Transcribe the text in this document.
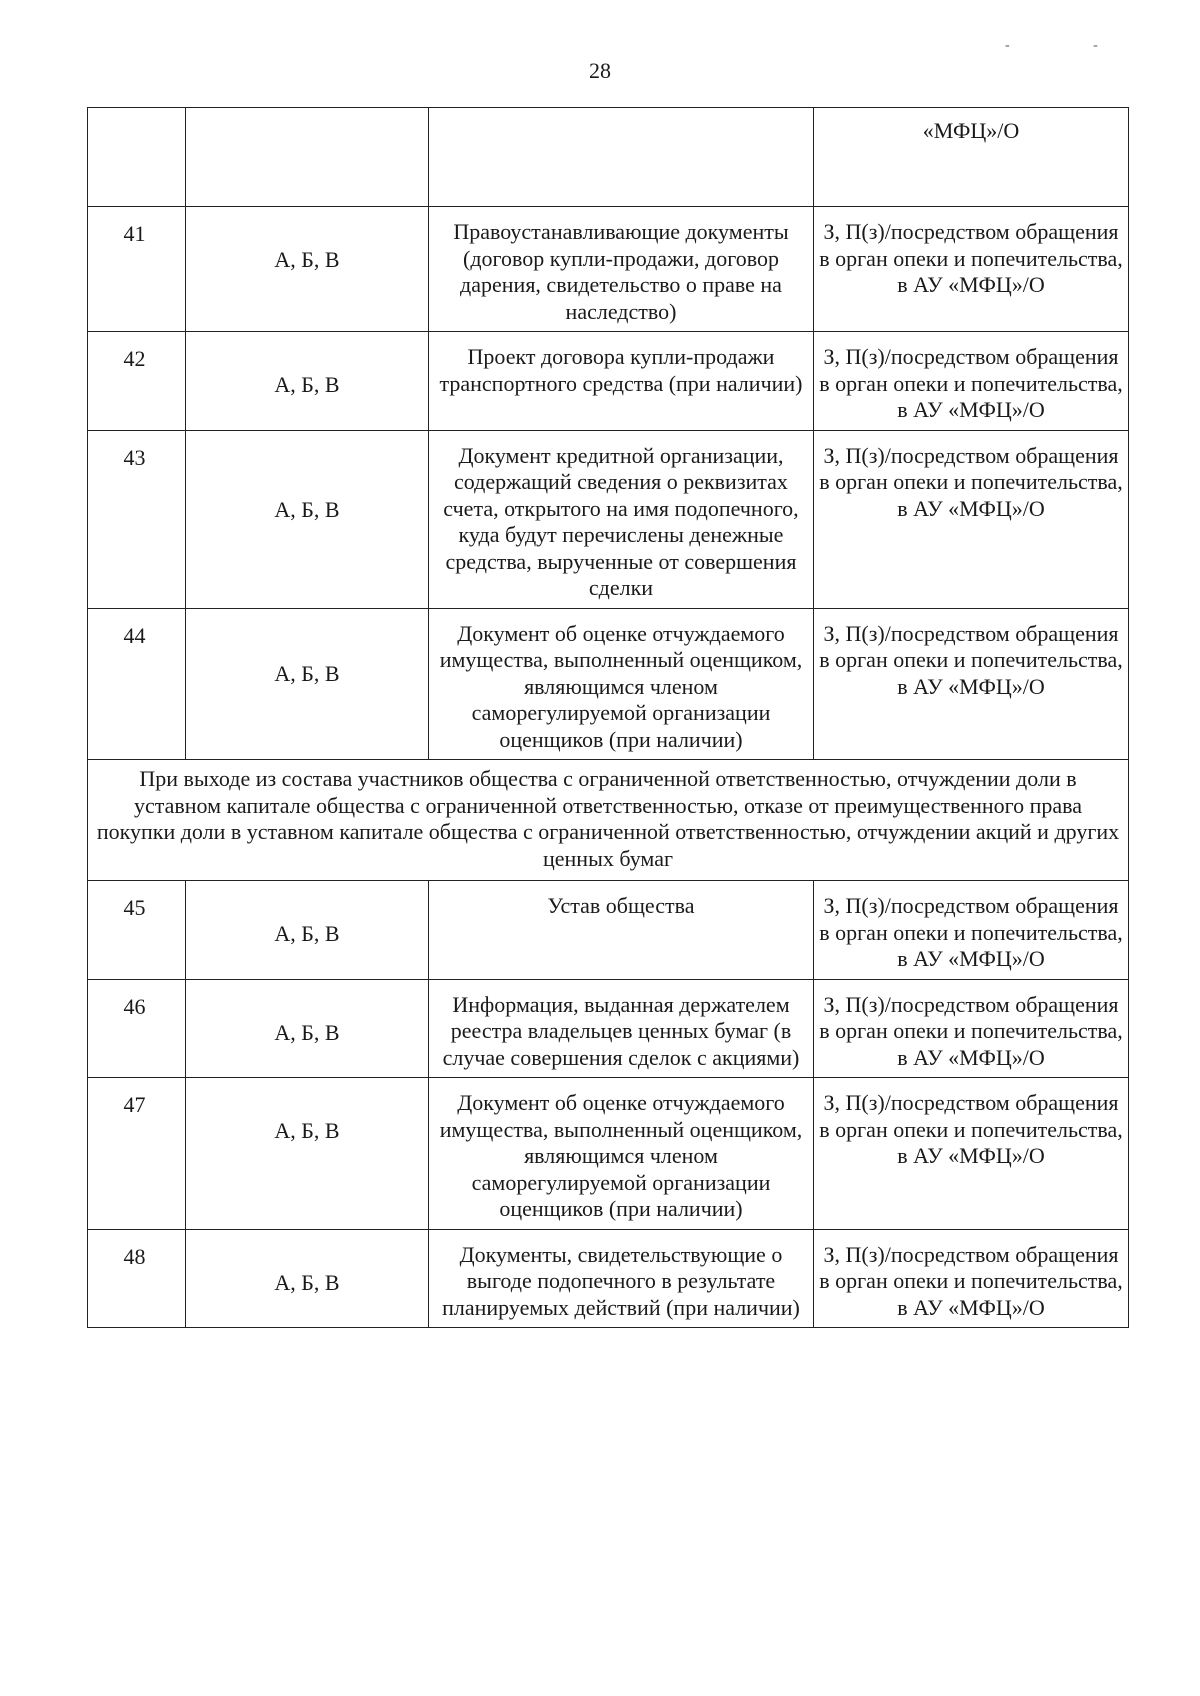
28
- -
			«МФЦ»/О
41	А, Б, В	Правоустанавливающие документы (договор купли-продажи, договор дарения, свидетельство о праве на наследство)	З, П(з)/посредством обращения в орган опеки и попечительства, в АУ «МФЦ»/О
42	А, Б, В	Проект договора купли-продажи транспортного средства (при наличии)	З, П(з)/посредством обращения в орган опеки и попечительства, в АУ «МФЦ»/О
43	А, Б, В	Документ кредитной организации, содержащий сведения о реквизитах счета, открытого на имя подопечного, куда будут перечислены денежные средства, вырученные от совершения сделки	З, П(з)/посредством обращения в орган опеки и попечительства, в АУ «МФЦ»/О
44	А, Б, В	Документ об оценке отчуждаемого имущества, выполненный оценщиком, являющимся членом саморегулируемой организации оценщиков (при наличии)	З, П(з)/посредством обращения в орган опеки и попечительства, в АУ «МФЦ»/О
При выходе из состава участников общества с ограниченной ответственностью, отчуждении доли в уставном капитале общества с ограниченной ответственностью, отказе от преимущественного права покупки доли в уставном капитале общества с ограниченной ответственностью, отчуждении акций и других ценных бумаг			
45	А, Б, В	Устав общества	З, П(з)/посредством обращения в орган опеки и попечительства, в АУ «МФЦ»/О
46	А, Б, В	Информация, выданная держателем реестра владельцев ценных бумаг (в случае совершения сделок с акциями)	З, П(з)/посредством обращения в орган опеки и попечительства, в АУ «МФЦ»/О
47	А, Б, В	Документ об оценке отчуждаемого имущества, выполненный оценщиком, являющимся членом саморегулируемой организации оценщиков (при наличии)	З, П(з)/посредством обращения в орган опеки и попечительства, в АУ «МФЦ»/О
48	А, Б, В	Документы, свидетельствующие о выгоде подопечного в результате планируемых действий (при наличии)	З, П(з)/посредством обращения в орган опеки и попечительства, в АУ «МФЦ»/О
